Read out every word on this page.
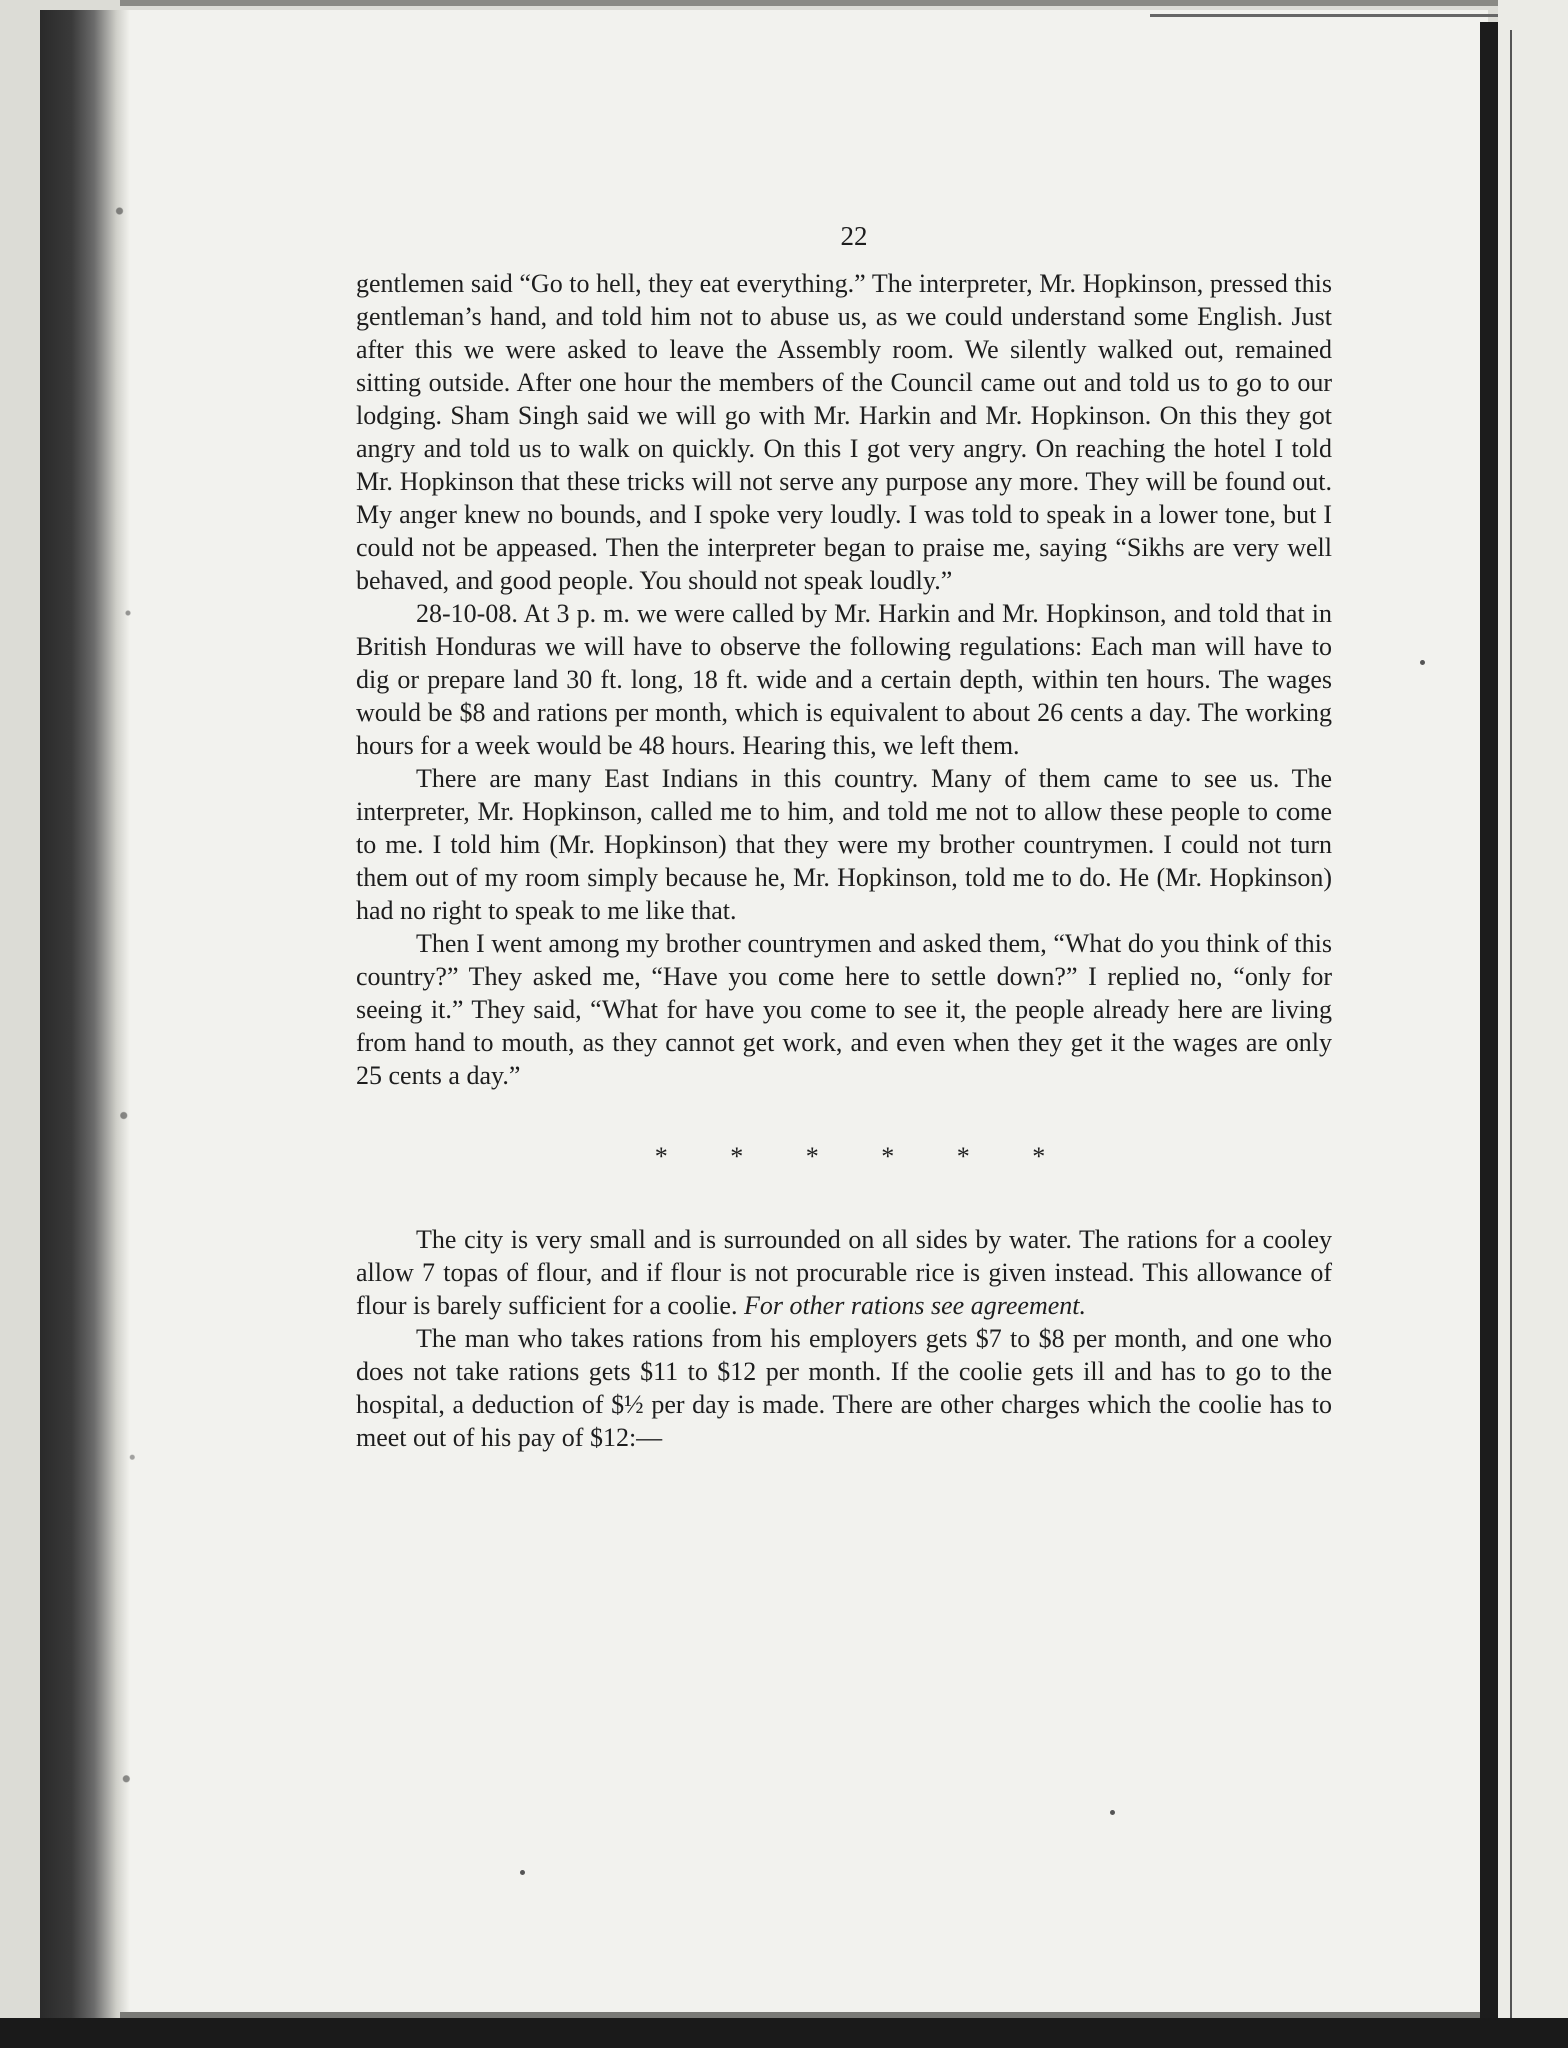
22

gentlemen said “Go to hell, they eat everything.” The interpreter, Mr. Hopkinson, pressed this gentleman’s hand, and told him not to abuse us, as we could understand some English. Just after this we were asked to leave the Assembly room. We silently walked out, remained sitting outside. After one hour the members of the Council came out and told us to go to our lodging. Sham Singh said we will go with Mr. Harkin and Mr. Hopkinson. On this they got angry and told us to walk on quickly. On this I got very angry. On reaching the hotel I told Mr. Hopkinson that these tricks will not serve any purpose any more. They will be found out. My anger knew no bounds, and I spoke very loudly. I was told to speak in a lower tone, but I could not be appeased. Then the interpreter began to praise me, saying “Sikhs are very well behaved, and good people. You should not speak loudly.”

28-10-08. At 3 p. m. we were called by Mr. Harkin and Mr. Hopkinson, and told that in British Honduras we will have to observe the following regulations: Each man will have to dig or prepare land 30 ft. long, 18 ft. wide and a certain depth, within ten hours. The wages would be $8 and rations per month, which is equivalent to about 26 cents a day. The working hours for a week would be 48 hours. Hearing this, we left them.

There are many East Indians in this country. Many of them came to see us. The interpreter, Mr. Hopkinson, called me to him, and told me not to allow these people to come to me. I told him (Mr. Hopkinson) that they were my brother countrymen. I could not turn them out of my room simply because he, Mr. Hopkinson, told me to do. He (Mr. Hopkinson) had no right to speak to me like that.

Then I went among my brother countrymen and asked them, “What do you think of this country?” They asked me, “Have you come here to settle down?” I replied no, “only for seeing it.” They said, “What for have you come to see it, the people already here are living from hand to mouth, as they cannot get work, and even when they get it the wages are only 25 cents a day.”

* * * * * *

The city is very small and is surrounded on all sides by water. The rations for a cooley allow 7 topas of flour, and if flour is not procurable rice is given instead. This allowance of flour is barely sufficient for a coolie. For other rations see agreement.

The man who takes rations from his employers gets $7 to $8 per month, and one who does not take rations gets $11 to $12 per month. If the coolie gets ill and has to go to the hospital, a deduction of $½ per day is made. There are other charges which the coolie has to meet out of his pay of $12:—
